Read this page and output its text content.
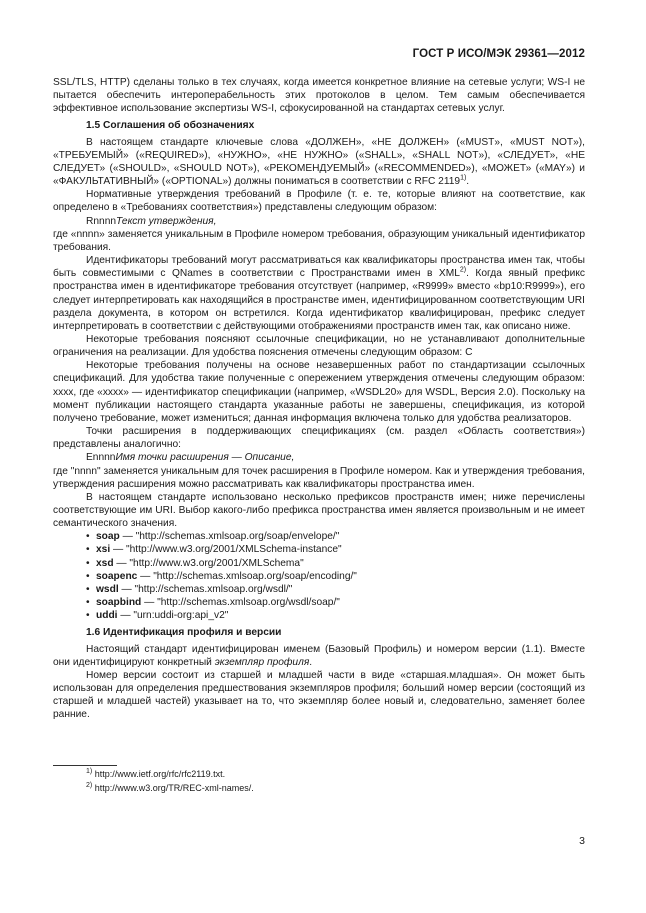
ГОСТ Р ИСО/МЭК 29361—2012

SSL/TLS, HTTP) сделаны только в тех случаях, когда имеется конкретное влияние на сетевые услуги; WS-I не пытается обеспечить интероперабельность этих протоколов в целом. Тем самым обеспечивается эффективное использование экспертизы WS-I, сфокусированной на стандартах сетевых услуг.

1.5 Соглашения об обозначениях

В настоящем стандарте ключевые слова «ДОЛЖЕН», «НЕ ДОЛЖЕН» («MUST», «MUST NOT»), «ТРЕБУЕМЫЙ» («REQUIRED»), «НУЖНО», «НЕ НУЖНО» («SHALL», «SHALL NOT»), «СЛЕДУЕТ», «НЕ СЛЕДУЕТ» («SHOULD», «SHOULD NOT»), «РЕКОМЕНДУЕМЫЙ» («RECOMMENDED»), «МОЖЕТ» («MAY») и «ФАКУЛЬТАТИВНЫЙ» («OPTIONAL») должны пониматься в соответствии с RFC 2119$^{1)}$.

Нормативные утверждения требований в Профиле (т. е. те, которые влияют на соответствие, как определено в «Требованиях соответствия») представлены следующим образом:

RnnnnТекст утверждения,

где «nnnn» заменяется уникальным в Профиле номером требования, образующим уникальный идентификатор требования.

Идентификаторы требований могут рассматриваться как квалификаторы пространства имен так, чтобы быть совместимыми с QNames в соответствии с Пространствами имен в XML$^{2)}$. Когда явный префикс пространства имен в идентификаторе требования отсутствует (например, «R9999» вместо «bp10:R9999»), его следует интерпретировать как находящийся в пространстве имен, идентифицированном соответствующим URI раздела документа, в котором он встретился. Когда идентификатор квалифицирован, префикс следует интерпретировать в соответствии с действующими отображениями пространств имен так, как описано ниже.

Некоторые требования поясняют ссылочные спецификации, но не устанавливают дополнительные ограничения на реализации. Для удобства пояснения отмечены следующим образом: С

Некоторые требования получены на основе незавершенных работ по стандартизации ссылочных спецификаций. Для удобства такие полученные с опережением утверждения отмечены следующим образом: xxxx, где «xxxx» — идентификатор спецификации (например, «WSDL20» для WSDL, Версия 2.0). Поскольку на момент публикации настоящего стандарта указанные работы не завершены, спецификация, из которой получено требование, может измениться; данная информация включена только для удобства реализаторов.

Точки расширения в поддерживающих спецификациях (см. раздел «Область соответствия») представлены аналогично:

EnnnnИмя точки расширения — Описание,

где "nnnn" заменяется уникальным для точек расширения в Профиле номером. Как и утверждения требования, утверждения расширения можно рассматривать как квалификаторы пространства имен.

В настоящем стандарте использовано несколько префиксов пространств имен; ниже перечислены соответствующие им URI. Выбор какого-либо префикса пространства имен является произвольным и не имеет семантического значения.

• soap — "http://schemas.xmlsoap.org/soap/envelope/"
• xsi — "http://www.w3.org/2001/XMLSchema-instance"
• xsd — "http://www.w3.org/2001/XMLSchema"
• soapenc — "http://schemas.xmlsoap.org/soap/encoding/"
• wsdl — "http://schemas.xmlsoap.org/wsdl/"
• soapbind — "http://schemas.xmlsoap.org/wsdl/soap/"
• uddi — "urn:uddi-org:api_v2"
1.6 Идентификация профиля и версии

Настоящий стандарт идентифицирован именем (Базовый Профиль) и номером версии (1.1). Вместе они идентифицируют конкретный экземпляр профиля.

Номер версии состоит из старшей и младшей части в виде «старшая.младшая». Он может быть использован для определения предшествования экземпляров профиля; больший номер версии (состоящий из старшей и младшей частей) указывает на то, что экземпляр более новый и, следовательно, заменяет более ранние.

$^{1)}$ http://www.ietf.org/rfc/rfc2119.txt.
$^{2)}$ http://www.w3.org/TR/REC-xml-names/.
3
